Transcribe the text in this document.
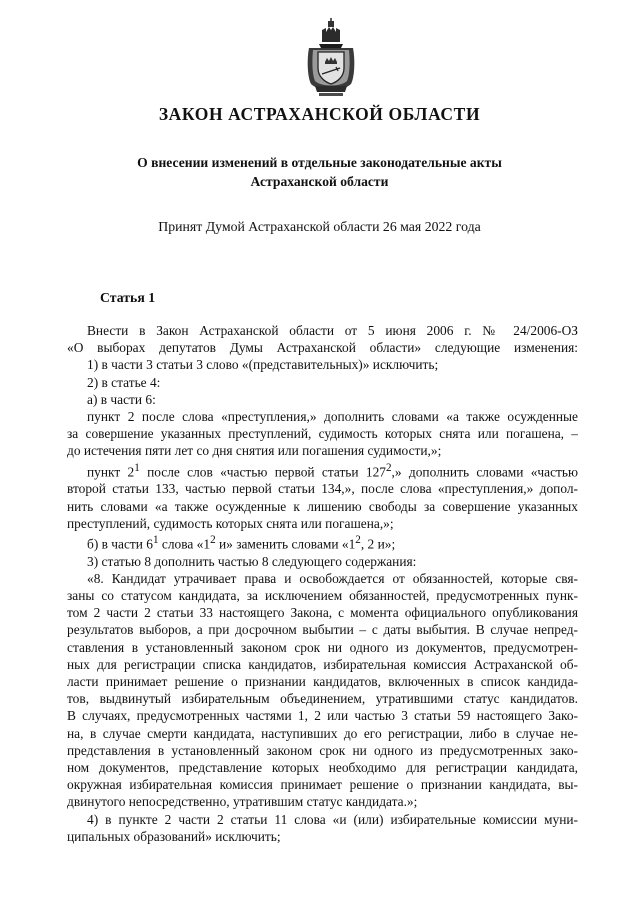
ЗАКОН АСТРАХАНСКОЙ ОБЛАСТИ
О внесении изменений в отдельные законодательные акты
Астраханской области
Принят Думой Астраханской области 26 мая 2022 года
Статья 1
Внести в Закон Астраханской области от 5 июня 2006 г. № 24/2006-ОЗ
«О выборах депутатов Думы Астраханской области» следующие изменения:
1) в части 3 статьи 3 слово «(представительных)» исключить;
2) в статье 4:
а) в части 6:
пункт 2 после слова «преступления,» дополнить словами «а также осужденные
за совершение указанных преступлений, судимость которых снята или погашена, –
до истечения пяти лет со дня снятия или погашения судимости,»;
пункт $2^1$ после слов «частью первой статьи $127^2$,» дополнить словами «частью
второй статьи 133, частью первой статьи 134,», после слова «преступления,» допол-
нить словами «а также осужденные к лишению свободы за совершение указанных
преступлений, судимость которых снята или погашена,»;
б) в части $6^1$ слова «$1^2$ и» заменить словами «$1^2$, 2 и»;
3) статью 8 дополнить частью 8 следующего содержания:
«8. Кандидат утрачивает права и освобождается от обязанностей, которые свя-
заны со статусом кандидата, за исключением обязанностей, предусмотренных пунк-
том 2 части 2 статьи 33 настоящего Закона, с момента официального опубликования
результатов выборов, а при досрочном выбытии – с даты выбытия. В случае непред-
ставления в установленный законом срок ни одного из документов, предусмотрен-
ных для регистрации списка кандидатов, избирательная комиссия Астраханской об-
ласти принимает решение о признании кандидатов, включенных в список кандида-
тов, выдвинутый избирательным объединением, утратившими статус кандидатов.
В случаях, предусмотренных частями 1, 2 или частью 3 статьи 59 настоящего Зако-
на, в случае смерти кандидата, наступивших до его регистрации, либо в случае не-
представления в установленный законом срок ни одного из предусмотренных зако-
ном документов, представление которых необходимо для регистрации кандидата,
окружная избирательная комиссия принимает решение о признании кандидата, вы-
двинутого непосредственно, утратившим статус кандидата.»;
4) в пункте 2 части 2 статьи 11 слова «и (или) избирательные комиссии муни-
ципальных образований» исключить;
